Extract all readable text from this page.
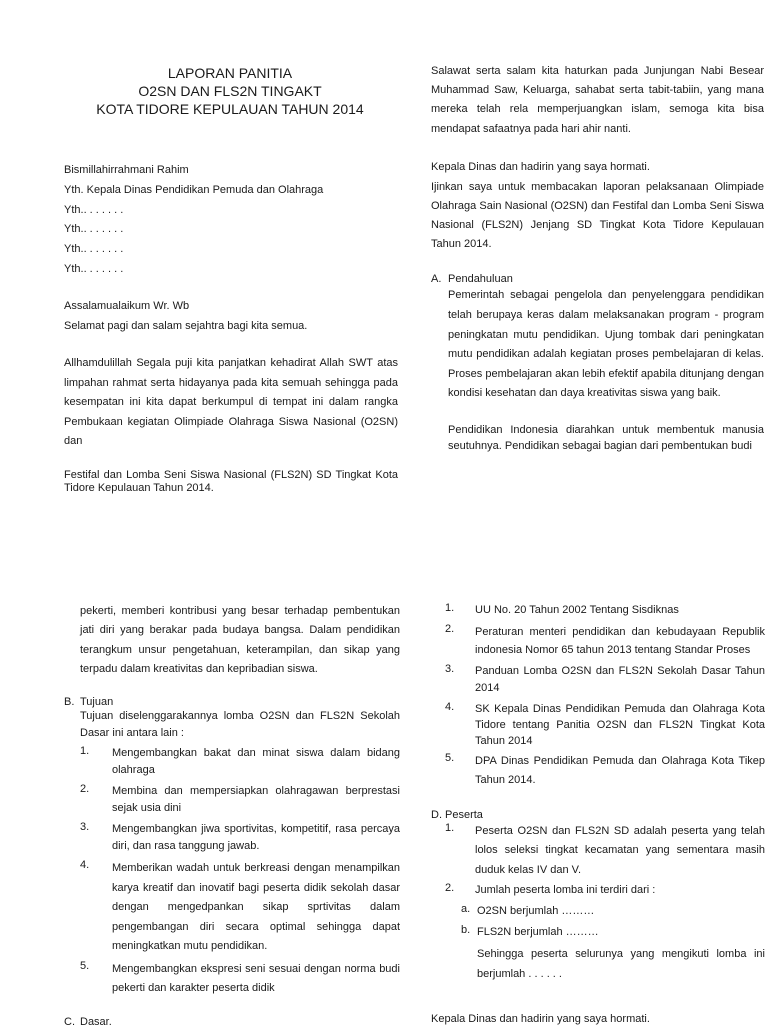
LAPORAN PANITIA

O2SN DAN FLS2N TINGAKT

KOTA TIDORE KEPULAUAN TAHUN 2014

Bismillahirrahmani Rahim

Yth. Kepala Dinas Pendidikan Pemuda dan Olahraga

Yth.. . . . . . .

Yth.. . . . . . .

Yth.. . . . . . .

Yth.. . . . . . .

Assalamualaikum Wr. Wb

Selamat pagi dan salam sejahtra bagi kita semua.

Allhamdulillah Segala puji kita panjatkan kehadirat Allah SWT atas limpahan rahmat serta hidayanya pada kita semuah sehingga pada kesempatan ini kita dapat berkumpul di tempat ini dalam rangka Pembukaan kegiatan Olimpiade Olahraga Siswa Nasional (O2SN) dan

Festifal dan Lomba Seni Siswa Nasional (FLS2N) SD Tingkat Kota Tidore Kepulauan Tahun 2014.

Salawat serta salam kita haturkan pada Junjungan Nabi Besear Muhammad Saw, Keluarga, sahabat serta tabit-tabiin, yang mana mereka telah rela memperjuangkan islam, semoga kita bisa mendapat safaatnya pada hari ahir nanti.

Kepala Dinas dan hadirin yang saya hormati.

Ijinkan saya untuk membacakan laporan pelaksanaan Olimpiade Olahraga Sain Nasional (O2SN) dan Festifal dan Lomba Seni Siswa Nasional (FLS2N) Jenjang SD Tingkat Kota Tidore Kepulauan Tahun 2014.

A. Pendahuluan

Pemerintah sebagai pengelola dan penyelenggara pendidikan telah berupaya keras dalam melaksanakan program - program peningkatan mutu pendidikan. Ujung tombak dari peningkatan mutu pendidikan adalah kegiatan proses pembelajaran di kelas. Proses pembelajaran akan lebih efektif apabila ditunjang dengan kondisi kesehatan dan daya kreativitas siswa yang baik.

Pendidikan Indonesia diarahkan untuk membentuk manusia seutuhnya. Pendidikan sebagai bagian dari pembentukan budi

pekerti, memberi kontribusi yang besar terhadap pembentukan jati diri yang berakar pada budaya bangsa. Dalam pendidikan terangkum unsur pengetahuan, keterampilan, dan sikap yang terpadu dalam kreativitas dan kepribadian siswa.

B. Tujuan

Tujuan diselenggarakannya lomba O2SN dan FLS2N Sekolah Dasar ini antara lain :

1. Mengembangkan bakat dan minat siswa dalam bidang olahraga

2. Membina dan mempersiapkan olahragawan berprestasi sejak usia dini

3. Mengembangkan jiwa sportivitas, kompetitif, rasa percaya diri, dan rasa tanggung jawab.

4. Memberikan wadah untuk berkreasi dengan menampilkan karya kreatif dan inovatif bagi peserta didik sekolah dasar dengan mengedpankan sikap sprtivitas dalam pengembangan diri secara optimal sehingga dapat meningkatkan mutu pendidikan.

5. Mengembangkan ekspresi seni sesuai dengan norma budi pekerti dan karakter peserta didik

C. Dasar.
1. UU No. 20 Tahun 2002 Tentang Sisdiknas

2. Peraturan menteri pendidikan dan kebudayaan Republik indonesia Nomor 65 tahun 2013 tentang Standar Proses

3. Panduan Lomba O2SN dan FLS2N Sekolah Dasar Tahun 2014

4. SK Kepala Dinas Pendidikan Pemuda dan Olahraga Kota Tidore tentang Panitia O2SN dan FLS2N Tingkat Kota Tahun 2014

5. DPA Dinas Pendidikan Pemuda dan Olahraga Kota Tikep Tahun 2014.

D. Peserta
1. Peserta O2SN dan FLS2N SD adalah peserta yang telah lolos seleksi tingkat kecamatan yang sementara masih duduk kelas IV dan V.

2. Jumlah peserta lomba ini terdiri dari :

a. O2SN berjumlah ………

b. FLS2N berjumlah ………

Sehingga peserta selurunya yang mengikuti lomba ini berjumlah . . . . . .

Kepala Dinas dan hadirin yang saya hormati.
